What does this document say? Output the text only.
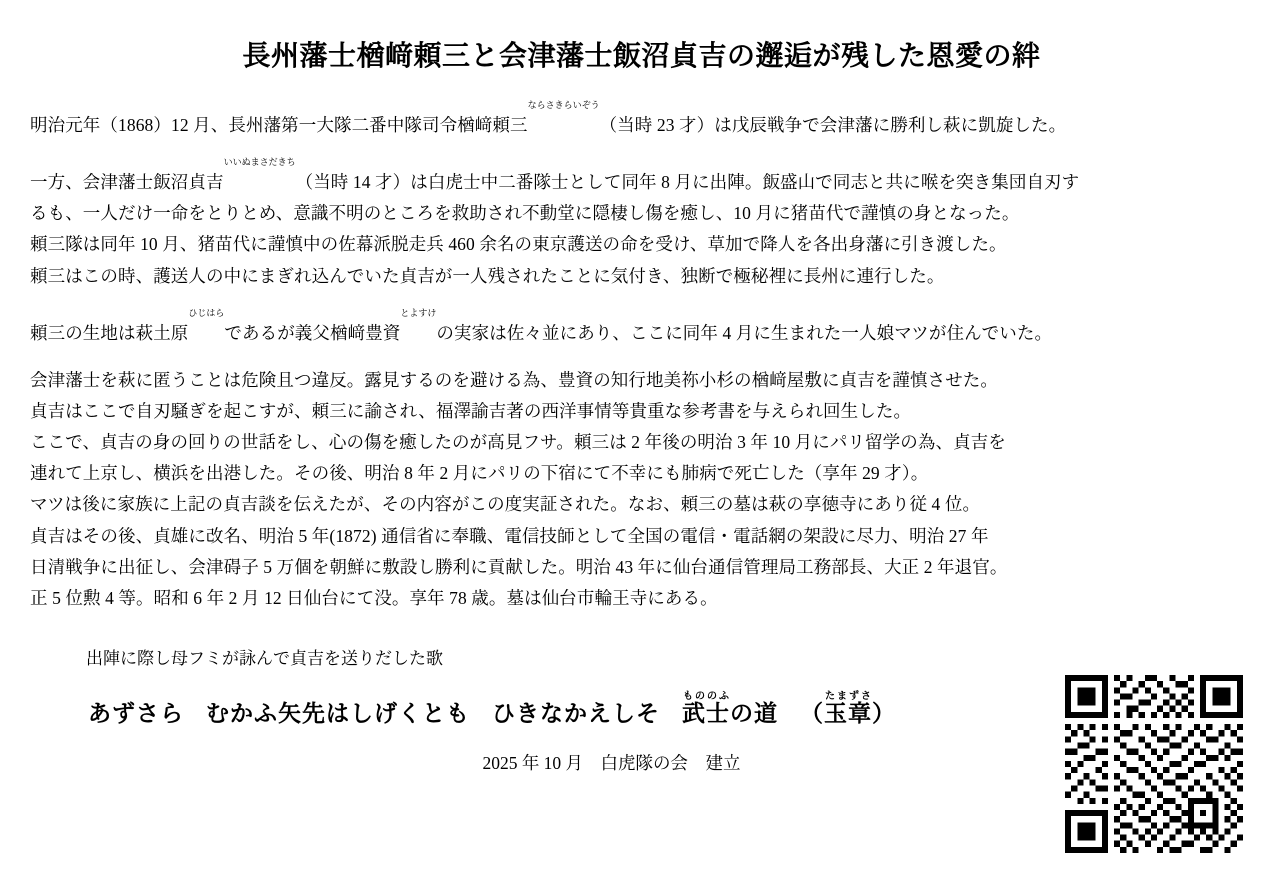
長州藩士楢﨑頼三と会津藩士飯沼貞吉の邂逅が残した恩愛の絆
明治元年（1868）12 月、長州藩第一大隊二番中隊司令楢﨑頼三ならさきらいぞう（当時 23 才）は戊辰戦争で会津藩に勝利し萩に凱旋した。
一方、会津藩士飯沼貞吉いいぬまさだきち（当時 14 才）は白虎士中二番隊士として同年 8 月に出陣。飯盛山で同志と共に喉を突き集団自刃す
るも、一人だけ一命をとりとめ、意識不明のところを救助され不動堂に隠棲し傷を癒し、10 月に猪苗代で謹慎の身となった。
頼三隊は同年 10 月、猪苗代に謹慎中の佐幕派脱走兵 460 余名の東京護送の命を受け、草加で降人を各出身藩に引き渡した。
頼三はこの時、護送人の中にまぎれ込んでいた貞吉が一人残されたことに気付き、独断で極秘裡に長州に連行した。
頼三の生地は萩土原ひじはらであるが義父楢﨑豊資とよすけの実家は佐々並にあり、ここに同年 4 月に生まれた一人娘マツが住んでいた。
会津藩士を萩に匿うことは危険且つ違反。露見するのを避ける為、豊資の知行地美祢小杉の楢﨑屋敷に貞吉を謹慎させた。
貞吉はここで自刃騒ぎを起こすが、頼三に諭され、福澤諭吉著の西洋事情等貴重な参考書を与えられ回生した。
ここで、貞吉の身の回りの世話をし、心の傷を癒したのが高見フサ。頼三は 2 年後の明治 3 年 10 月にパリ留学の為、貞吉を
連れて上京し、横浜を出港した。その後、明治 8 年 2 月にパリの下宿にて不幸にも肺病で死亡した（享年 29 才）。
マツは後に家族に上記の貞吉談を伝えたが、その内容がこの度実証された。なお、頼三の墓は萩の享徳寺にあり従 4 位。
貞吉はその後、貞雄に改名、明治 5 年(1872) 通信省に奉職、電信技師として全国の電信・電話網の架設に尽力、明治 27 年
日清戦争に出征し、会津碍子 5 万個を朝鮮に敷設し勝利に貢献した。明治 43 年に仙台通信管理局工務部長、大正 2 年退官。
正 5 位勲 4 等。昭和 6 年 2 月 12 日仙台にて没。享年 78 歳。墓は仙台市輪王寺にある。
出陣に際し母フミが詠んで貞吉を送りだした歌
あずさら むかふ矢先はしげくとも ひきなかえしそ 武士もののふの道 （玉章たまずさ）
2025 年 10 月　白虎隊の会　建立
